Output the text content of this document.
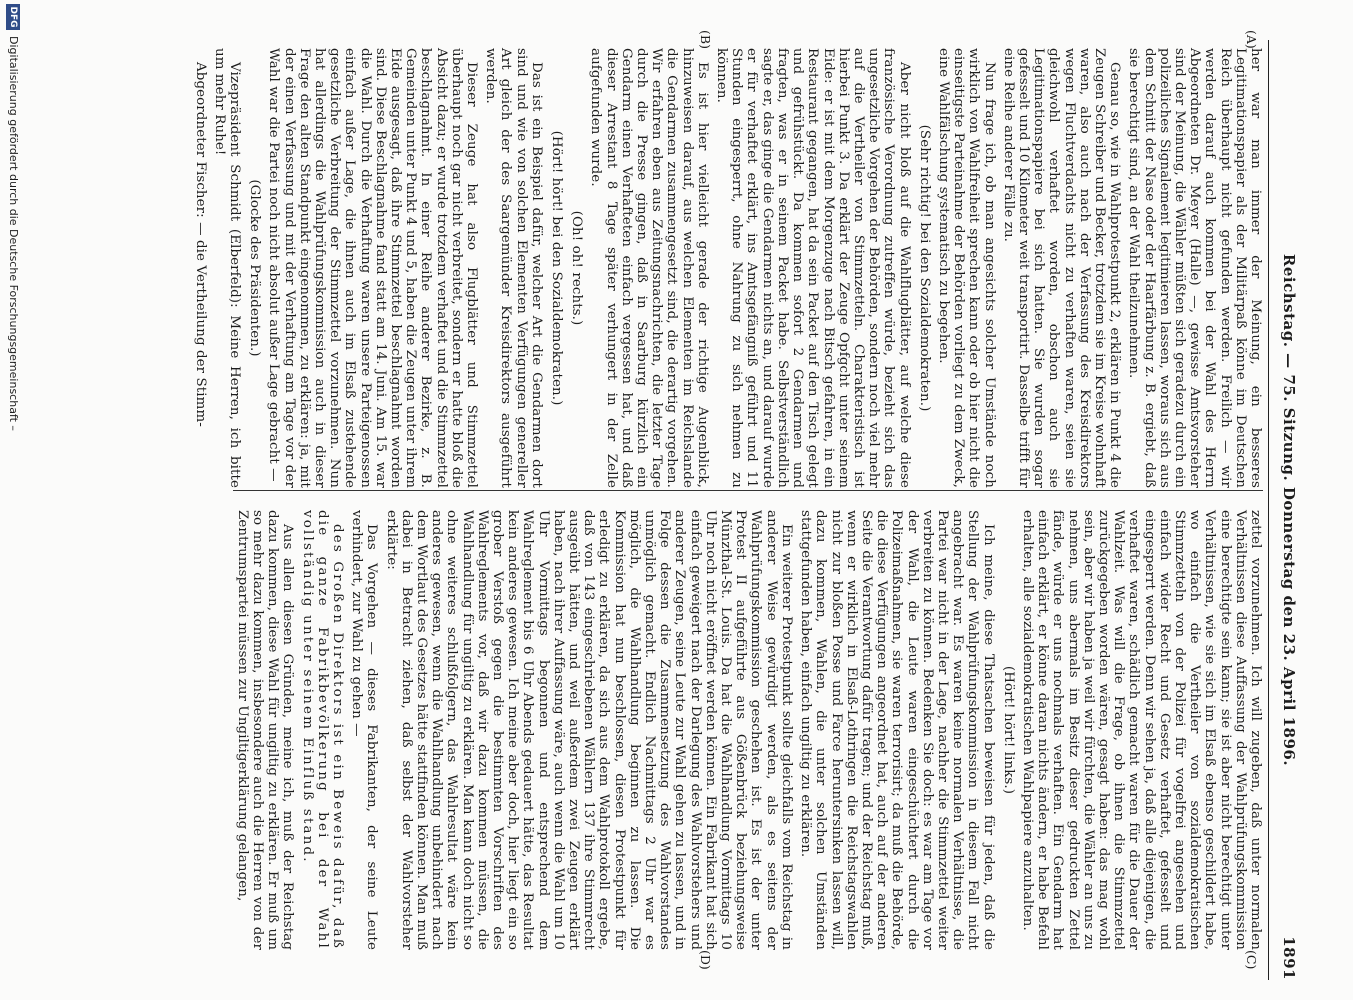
Reichstag. — 75. Sitzung. Donnerstag den 23. April 1896.
1891
(A)
(B)
(C)
(D)

her war man immer der Meinung, ein besseres Legitimationspapier als der Militärpaß könne im Deutschen Reich überhaupt nicht gefunden werden. Freilich — wir werden darauf auch kommen bei der Wahl des Herrn Abgeordneten Dr. Meyer (Halle) —, gewisse Amtsvorsteher sind der Meinung, die Wähler müßten sich geradezu durch ein polizeiliches Signalement legitimieren lassen, woraus sich aus dem Schnitt der Nase oder der Haarfärbung z. B. ergiebt, daß sie berechtigt sind, an der Wahl theilzunehmen.

Genau so, wie in Wahlprotestpunkt 2, erklären in Punkt 4 die Zeugen Schreiber und Becker, trotzdem sie im Kreise wohnhaft waren, also auch nach der Verfassung des Kreisdirektors wegen Fluchtverdachts nicht zu verhaften waren, seien sie gleichwohl verhaftet worden, obschon auch sie Legitimationspapiere bei sich hatten. Sie wurden sogar gefesselt und 10 Kilometer weit transportirt. Dasselbe trifft für eine Reihe anderer Fälle zu.

Nun frage ich, ob man angesichts solcher Umstände noch wirklich von Wahlfreiheit sprechen kann oder ob hier nicht die einseitigste Parteinahme der Behörden vorliegt zu dem Zweck, eine Wahlfälschung systematisch zu begehen.

(Sehr richtig! bei den Sozialdemokraten.)

Aber nicht bloß auf die Wahlflugblätter, auf welche diese französische Verordnung zutreffen würde, bezieht sich das ungesetzliche Vorgehen der Behörden, sondern noch viel mehr auf die Vertheiler von Stimmzetteln. Charakteristisch ist hierbei Punkt 3. Da erklärt der Zeuge Opfgcht unter seinem Eide: er ist mit dem Morgenzuge nach Bitsch gefahren, in ein Restaurant gegangen, hat da sein Packet auf den Tisch gelegt und gefrühstückt. Da kommen sofort 2 Gendarmen und fragten, was er in seinem Packet habe. Selbstverständlich sagte er, das ginge die Gendarmen nichts an, und darauf wurde er für verhaftet erklärt, ins Amtsgefängniß geführt und 11 Stunden eingesperrt, ohne Nahrung zu sich nehmen zu können.

Es ist hier vielleicht gerade der richtige Augenblick, hinzuweisen darauf, aus welchen Elementen im Reichslande die Gendarmen zusammengesetzt sind, die derartig vorgehen. Wir erfahren eben aus Zeitungsnachrichten, die letzter Tage durch die Presse gingen, daß in Saarburg kürzlich ein Gendarm einen Verhafteten einfach vergessen hat, und daß dieser Arrestant 8 Tage später verhungert in der Zelle aufgefunden wurde.

(Oh! oh! rechts.)

(Hört! hört! bei den Sozialdemokraten.)

Das ist ein Beispiel dafür, welcher Art die Gendarmen dort sind und wie von solchen Elementen Verfügungen genereller Art gleich der des Saargemünder Kreisdirektors ausgeführt werden.

Dieser Zeuge hat also Flugblätter und Stimmzettel überhaupt noch gar nicht verbreitet, sondern er hatte bloß die Absicht dazu; er wurde trotzdem verhaftet und die Stimmzettel beschlagnahmt. In einer Reihe anderer Bezirke, z. B. Gemeinden unter Punkt 4 und 5, haben die Zeugen unter ihrem Eide ausgesagt, daß ihre Stimmzettel beschlagnahmt worden sind. Diese Beschlagnahme fand statt am 14. Juni. Am 15. war die Wahl. Durch die Verhaftung waren unsere Parteigenossen einfach außer Lage, die ihnen auch im Elsaß zustehende gesetzliche Verbreitung der Stimmzettel vorzunehmen. Nun hat allerdings die Wahlprüfungskommission auch in dieser Frage den alten Standpunkt eingenommen, zu erklären: ja, mit der einen Verfassung und mit der Verhaftung am Tage vor der Wahl war die Partei noch nicht absolut außer Lage gebracht —

(Glocke des Präsidenten.)

Vizepräsident Schmidt (Elberfeld): Meine Herren, ich bitte um mehr Ruhe!

Abgeordneter Fischer: — die Vertheilung der Stimm-

zettel vorzunehmen. Ich will zugeben, daß unter normalen Verhältnissen diese Auffassung der Wahlprüfungskommission eine berechtigte sein kann; sie ist aber nicht berechtigt unter Verhältnissen, wie sie sich im Elsaß ebenso geschildert habe, wo einfach die Vertheiler von sozialdemokratischen Stimmzetteln von der Polizei für vogelfrei angesehen und einfach wider Recht und Gesetz verhaftet, gefesselt und eingesperrt werden. Denn wir sehen ja, daß alle diejenigen, die verhaftet waren, schädlich gemacht waren für die Dauer der Wahlzeit. Was will die Frage, ob ihnen die Stimmzettel zurückgegeben worden wären, gesagt haben: das mag wohl sein, aber wir haben ja weil wir fürchten, die Wähler an uns zu nehmen, uns abermals im Besitz dieser gedruckten Zettel fände, würde er uns nochmals verhaften. Ein Gendarm hat einfach erklärt, er könne daran nichts ändern, er habe Befehl erhalten, alle sozialdemokratischen Wahlpapiere anzuhalten.

(Hört! hört! links.)

Ich meine, diese Thatsachen beweisen für jeden, daß die Stellung der Wahlprüfungskommission in diesem Fall nicht angebracht war. Es waren keine normalen Verhältnisse, die Partei war nicht in der Lage, nachher die Stimmzettel weiter verbreiten zu können. Bedenken Sie doch: es war am Tage vor der Wahl, die Leute waren eingeschüchtert durch die Polizeimaßnahmen, sie waren terrorisirt; da muß die Behörde, die diese Verfügungen angeordnet hat, auch auf der anderen Seite die Verantwortung dafür tragen; und der Reichstag muß, wenn er wirklich in Elsaß-Lothringen die Reichstagswahlen nicht zur bloßen Posse und Farce heruntersinken lassen will, dazu kommen, Wahlen, die unter solchen Umständen stattgefunden haben, einfach ungiltig zu erklären.

Ein weiterer Protestpunkt sollte gleichfalls vom Reichstag in anderer Weise gewürdigt werden, als es seitens der Wahlprüfungskommission geschehen ist. Es ist der unter Protest II aufgeführte aus Gößenbrück beziehungsweise Münzthal-St. Louis. Da hat die Wahlhandlung Vormittags 10 Uhr noch nicht eröffnet werden können. Ein Fabrikant hat sich einfach geweigert nach der Darlegung des Wahlvorstehers und anderer Zeugen, seine Leute zur Wahl gehen zu lassen, und in Folge dessen die Zusammensetzung des Wahlvorstandes unmöglich gemacht. Endlich Nachmittags 2 Uhr war es möglich, die Wahlhandlung beginnen zu lassen. Die Kommission hat nun beschlossen, diesen Protestpunkt für erledigt zu erklären, da sich aus dem Wahlprotokoll ergebe, daß von 143 eingeschriebenen Wählern 137 ihre Stimmrecht ausgeübt hätten, und weil außerdem zwei Zeugen erklärt haben, nach ihrer Auffassung wäre, auch wenn die Wahl um 10 Uhr Vormittags begonnen und entsprechend dem Wahlreglement bis 6 Uhr Abends gedauert hätte, das Resultat kein anderes gewesen. Ich meine aber doch, hier liegt ein so grober Verstoß gegen die bestimmten Vorschriften des Wahlreglements vor, daß wir dazu kommen müssen, die Wahlhandlung für ungiltig zu erklären. Man kann doch nicht so ohne weiteres schlußfolgern, das Wahlresultat wäre kein anderes gewesen, wenn die Wahlhandlung unbehindert nach dem Wortlaut des Gesetzes hätte stattfinden können. Man muß dabei in Betracht ziehen, daß selbst der Wahlvorsteher erklärte:

Das Vorgehen — dieses Fabrikanten, der seine Leute verhindert, zur Wahl zu gehen —

des Großen Direktors ist ein Beweis dafür, daß die ganze Fabrikbevölkerung bei der Wahl vollständig unter seinem Einfluß stand.

Aus allen diesen Gründen, meine ich, muß der Reichstag dazu kommen, diese Wahl für ungiltig zu erklären. Er muß um so mehr dazu kommen, insbesondere auch die Herren von der Zentrumspartei müssen zur Ungiltigerklärung gelangen,

DFG
Digitalisierung gefördert durch die Deutsche Forschungsgemeinschaft –
